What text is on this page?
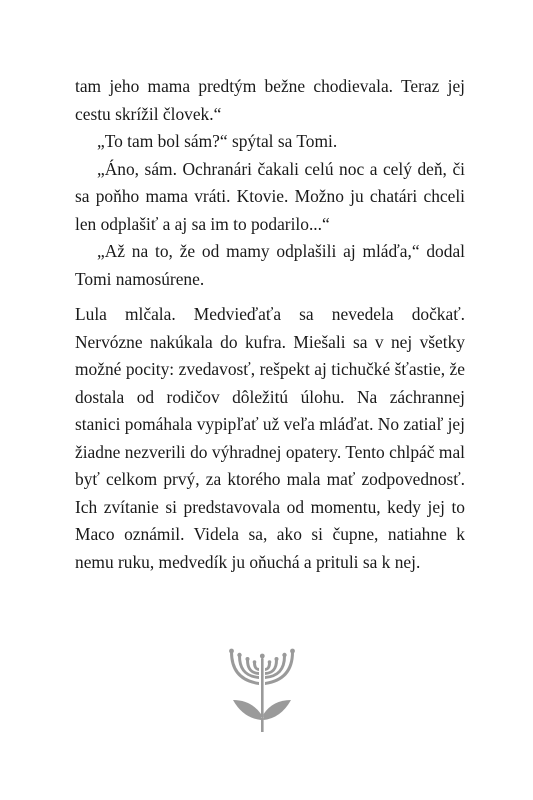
tam jeho mama predtým bežne chodievala. Teraz jej cestu skrížil človek.“

„To tam bol sám?“ spýtal sa Tomi.

„Áno, sám. Ochranári čakali celú noc a celý deň, či sa poňho mama vráti. Ktovie. Možno ju chatári chceli len odplašiť a aj sa im to podarilo...“

„Až na to, že od mamy odplašili aj mláďa,“ dodal Tomi namosúrene.

Lula mlčala. Medvieďaťa sa nevedela dočkať. Nervózne nakúkala do kufra. Miešali sa v nej všetky možné pocity: zvedavosť, rešpekt aj tichučké šťastie, že dostala od rodičov dôležitú úlohu. Na záchrannej stanici pomáhala vypipľať už veľa mláďat. No zatiaľ jej žiadne nezverili do výhradnej opatery. Tento chlpáč mal byť celkom prvý, za ktorého mala mať zodpovednosť. Ich zvítanie si predstavovala od momentu, kedy jej to Maco oznámil. Videla sa, ako si čupne, natiahne k nemu ruku, medvedík ju oňuchá a prituli sa k nej.
